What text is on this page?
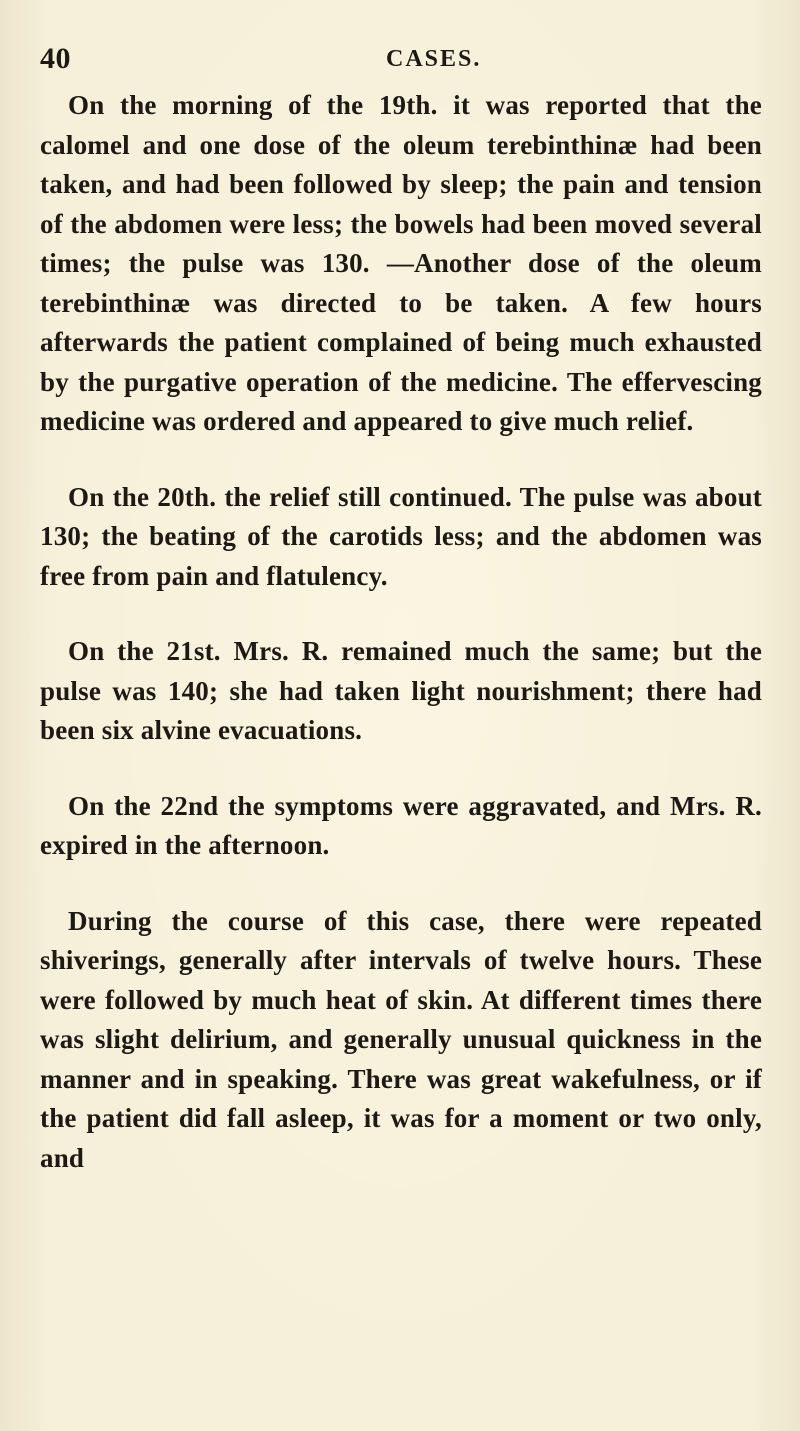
40	CASES.

On the morning of the 19th. it was reported that the calomel and one dose of the oleum terebinthinæ had been taken, and had been followed by sleep; the pain and tension of the abdomen were less; the bowels had been moved several times; the pulse was 130. —Another dose of the oleum terebinthinæ was directed to be taken. A few hours afterwards the patient complained of being much exhausted by the purgative operation of the medicine. The effervescing medicine was ordered and appeared to give much relief.

On the 20th. the relief still continued. The pulse was about 130; the beating of the carotids less; and the abdomen was free from pain and flatulency.

On the 21st. Mrs. R. remained much the same; but the pulse was 140; she had taken light nourishment; there had been six alvine evacuations.

On the 22nd the symptoms were aggravated, and Mrs. R. expired in the afternoon.

During the course of this case, there were repeated shiverings, generally after intervals of twelve hours. These were followed by much heat of skin. At different times there was slight delirium, and generally unusual quickness in the manner and in speaking. There was great wakefulness, or if the patient did fall asleep, it was for a moment or two only, and
